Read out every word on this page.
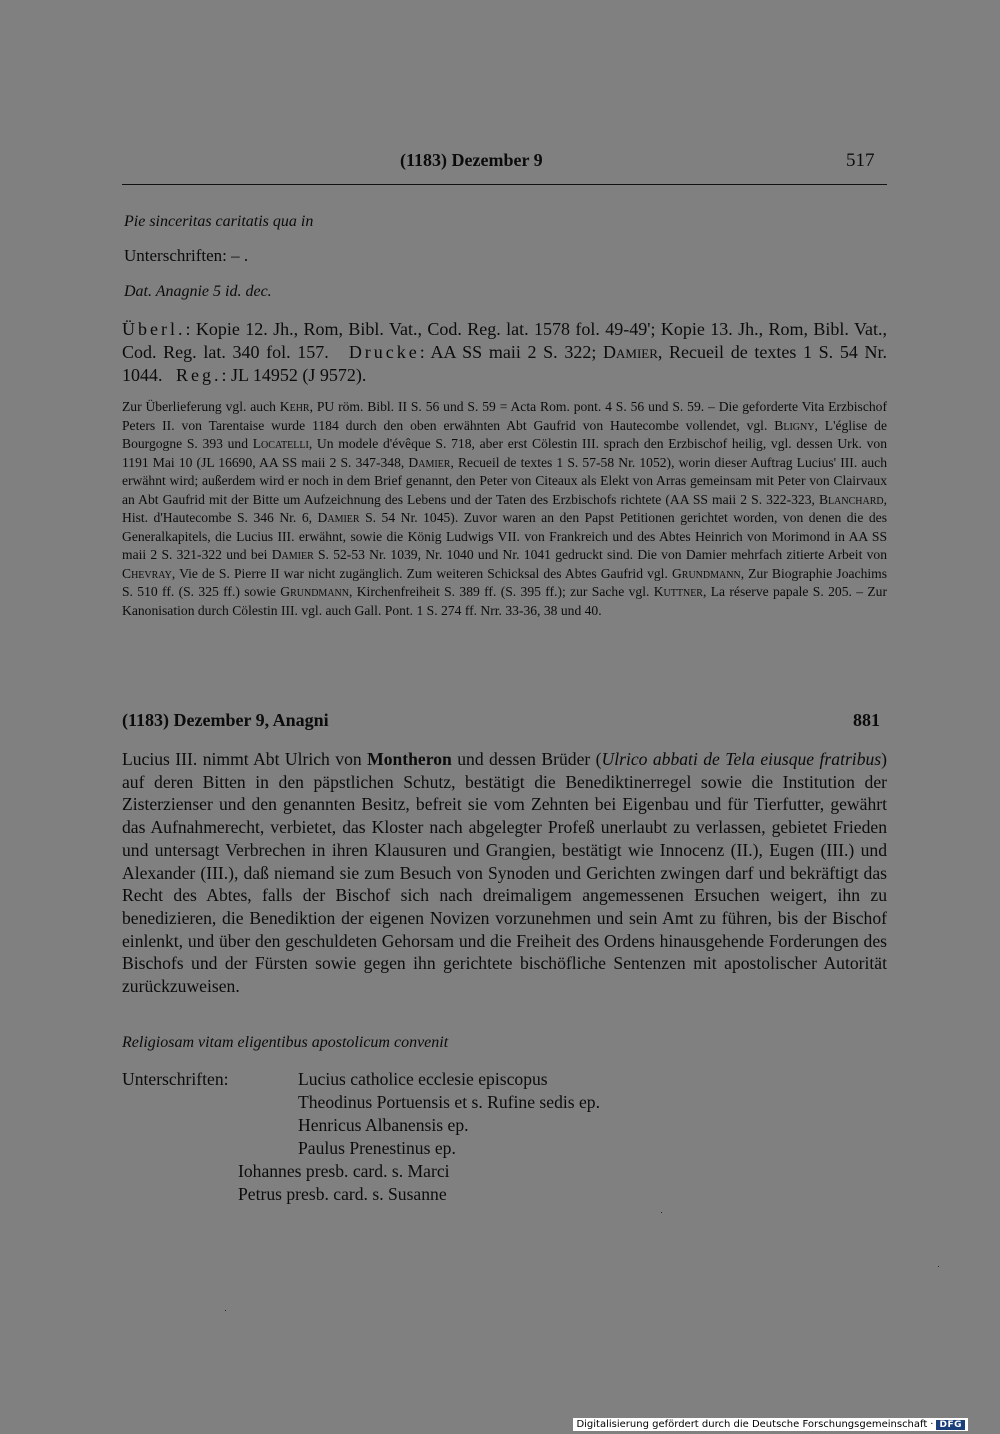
(1183) Dezember 9	517
Pie sinceritas caritatis qua in
Unterschriften: – .
Dat. Anagnie 5 id. dec.

Überl.: Kopie 12. Jh., Rom, Bibl. Vat., Cod. Reg. lat. 1578 fol. 49-49'; Kopie 13. Jh., Rom, Bibl. Vat., Cod. Reg. lat. 340 fol. 157. Drucke: AA SS maii 2 S. 322; Damier, Recueil de textes 1 S. 54 Nr. 1044. Reg.: JL 14952 (J 9572).

Zur Überlieferung vgl. auch Kehr, PU röm. Bibl. II S. 56 und S. 59 = Acta Rom. pont. 4 S. 56 und S. 59. – Die geforderte Vita Erzbischof Peters II. von Tarentaise wurde 1184 durch den oben erwähnten Abt Gaufrid von Hautecombe vollendet, vgl. Bligny, L'église de Bourgogne S. 393 und Locatelli, Un modele d'évêque S. 718, aber erst Cölestin III. sprach den Erzbischof heilig, vgl. dessen Urk. von 1191 Mai 10 (JL 16690, AA SS maii 2 S. 347-348, Damier, Recueil de textes 1 S. 57-58 Nr. 1052), worin dieser Auftrag Lucius' III. auch erwähnt wird; außerdem wird er noch in dem Brief genannt, den Peter von Citeaux als Elekt von Arras gemeinsam mit Peter von Clairvaux an Abt Gaufrid mit der Bitte um Aufzeichnung des Lebens und der Taten des Erzbischofs richtete (AA SS maii 2 S. 322-323, Blanchard, Hist. d'Hautecombe S. 346 Nr. 6, Damier S. 54 Nr. 1045). Zuvor waren an den Papst Petitionen gerichtet worden, von denen die des Generalkapitels, die Lucius III. erwähnt, sowie die König Ludwigs VII. von Frankreich und des Abtes Heinrich von Morimond in AA SS maii 2 S. 321-322 und bei Damier S. 52-53 Nr. 1039, Nr. 1040 und Nr. 1041 gedruckt sind. Die von Damier mehrfach zitierte Arbeit von Chevray, Vie de S. Pierre II war nicht zugänglich. Zum weiteren Schicksal des Abtes Gaufrid vgl. Grundmann, Zur Biographie Joachims S. 510 ff. (S. 325 ff.) sowie Grundmann, Kirchenfreiheit S. 389 ff. (S. 395 ff.); zur Sache vgl. Kuttner, La réserve papale S. 205. – Zur Kanonisation durch Cölestin III. vgl. auch Gall. Pont. 1 S. 274 ff. Nrr. 33-36, 38 und 40.

(1183) Dezember 9, Anagni	881

Lucius III. nimmt Abt Ulrich von Montheron und dessen Brüder (Ulrico abbati de Tela eiusque fratribus) auf deren Bitten in den päpstlichen Schutz, bestätigt die Benediktinerregel sowie die Institution der Zisterzienser und den genannten Besitz, befreit sie vom Zehnten bei Eigenbau und für Tierfutter, gewährt das Aufnahmerecht, verbietet, das Kloster nach abgelegter Profeß unerlaubt zu verlassen, gebietet Frieden und untersagt Verbrechen in ihren Klausuren und Grangien, bestätigt wie Innocenz (II.), Eugen (III.) und Alexander (III.), daß niemand sie zum Besuch von Synoden und Gerichten zwingen darf und bekräftigt das Recht des Abtes, falls der Bischof sich nach dreimaligem angemessenen Ersuchen weigert, ihn zu benedizieren, die Benediktion der eigenen Novizen vorzunehmen und sein Amt zu führen, bis der Bischof einlenkt, und über den geschuldeten Gehorsam und die Freiheit des Ordens hinausgehende Forderungen des Bischofs und der Fürsten sowie gegen ihn gerichtete bischöfliche Sentenzen mit apostolischer Autorität zurückzuweisen.

Religiosam vitam eligentibus apostolicum convenit
Unterschriften:	Lucius catholice ecclesie episcopus
Theodinus Portuensis et s. Rufine sedis ep.
Henricus Albanensis ep.
Paulus Prenestinus ep.
Iohannes presb. card. s. Marci
Petrus presb. card. s. Susanne
Digitalisierung gefördert durch die Deutsche Forschungsgemeinschaft · DFG
